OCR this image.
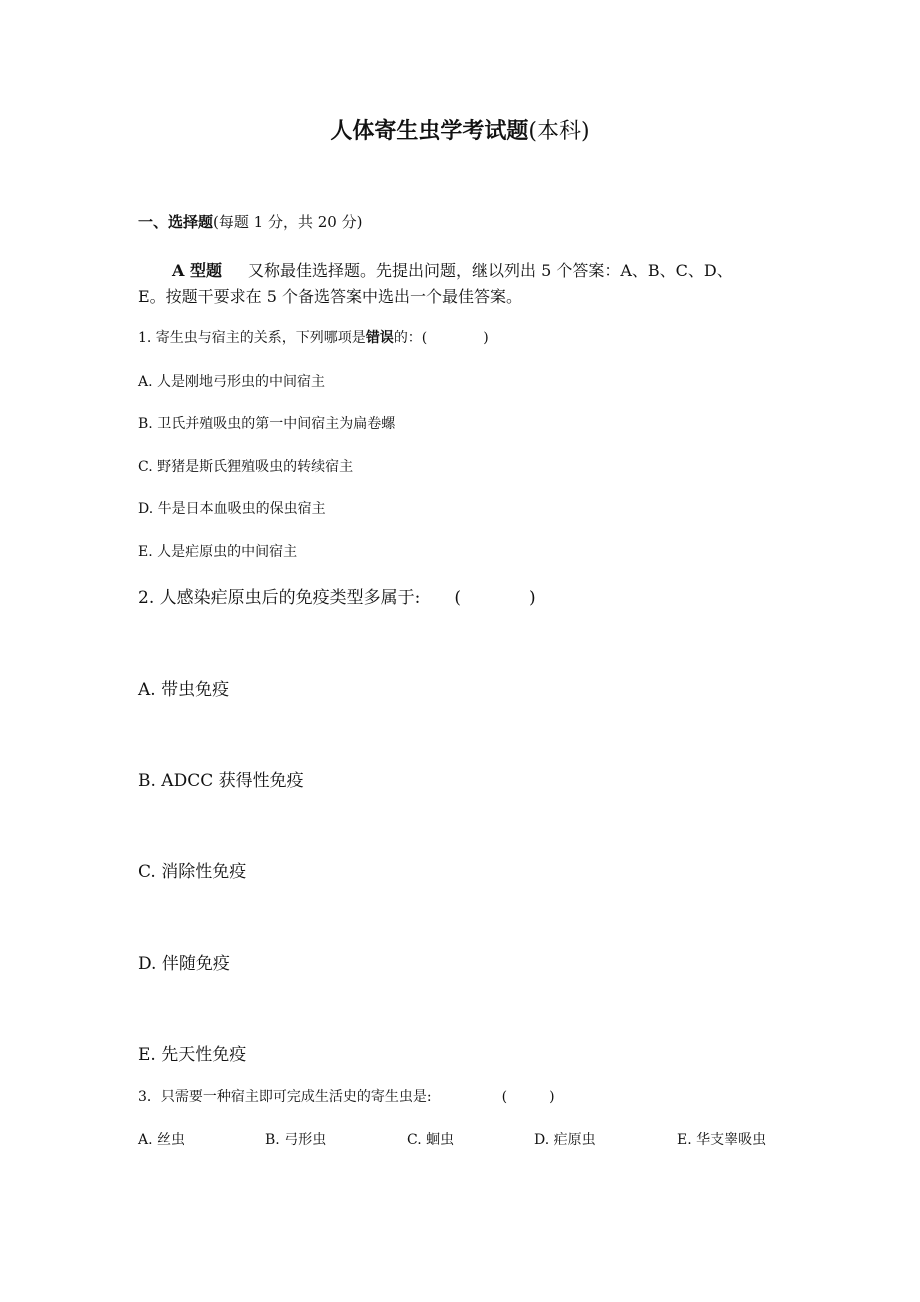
人体寄生虫学考试题(本科)
一、选择题(每题 1 分，共 20 分)
A 型题 又称最佳选择题。先提出问题，继以列出 5 个答案：A、B、C、D、
E。按题干要求在 5 个备选答案中选出一个最佳答案。
1. 寄生虫与宿主的关系，下列哪项是错误的：(　　　　)
A. 人是刚地弓形虫的中间宿主
B. 卫氏并殖吸虫的第一中间宿主为扁卷螺
C. 野猪是斯氏狸殖吸虫的转续宿主
D. 牛是日本血吸虫的保虫宿主
E. 人是疟原虫的中间宿主
2. 人感染疟原虫后的免疫类型多属于:　　(　　　　)
A. 带虫免疫
B. ADCC 获得性免疫
C. 消除性免疫
D. 伴随免疫
E. 先天性免疫
3．只需要一种宿主即可完成生活史的寄生虫是:　　　　　(　　　)
A. 丝虫	B. 弓形虫	C. 蛔虫	D. 疟原虫	E. 华支睾吸虫
